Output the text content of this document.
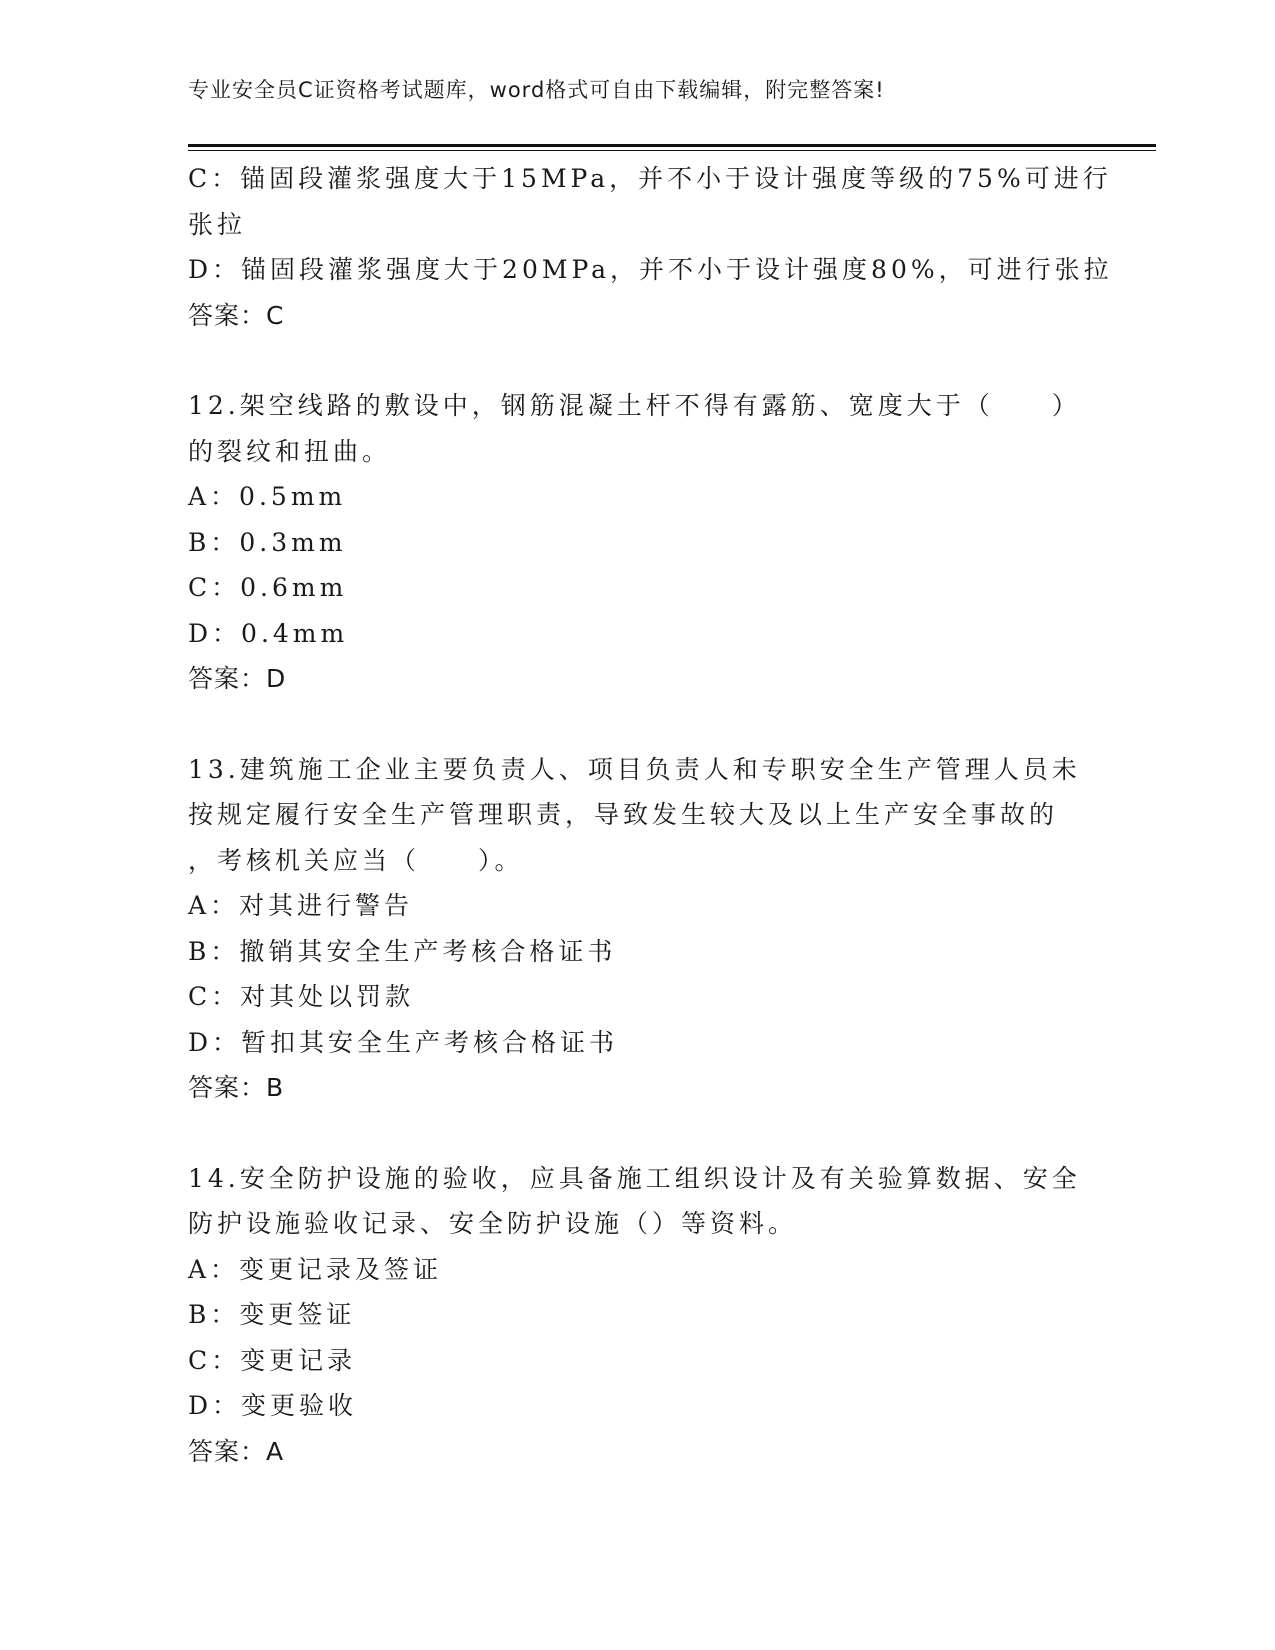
专业安全员C证资格考试题库，word格式可自由下载编辑，附完整答案!
C：锚固段灌浆强度大于15MPa，并不小于设计强度等级的75%可进行
张拉
D：锚固段灌浆强度大于20MPa，并不小于设计强度80%，可进行张拉
答案：C
12.架空线路的敷设中，钢筋混凝土杆不得有露筋、宽度大于（　　）
的裂纹和扭曲。
A：0.5mm
B：0.3mm
C：0.6mm
D：0.4mm
答案：D
13.建筑施工企业主要负责人、项目负责人和专职安全生产管理人员未
按规定履行安全生产管理职责，导致发生较大及以上生产安全事故的
，考核机关应当（　　）。
A：对其进行警告
B：撤销其安全生产考核合格证书
C：对其处以罚款
D：暂扣其安全生产考核合格证书
答案：B
14.安全防护设施的验收，应具备施工组织设计及有关验算数据、安全
防护设施验收记录、安全防护设施（）等资料。
A：变更记录及签证
B：变更签证
C：变更记录
D：变更验收
答案：A
